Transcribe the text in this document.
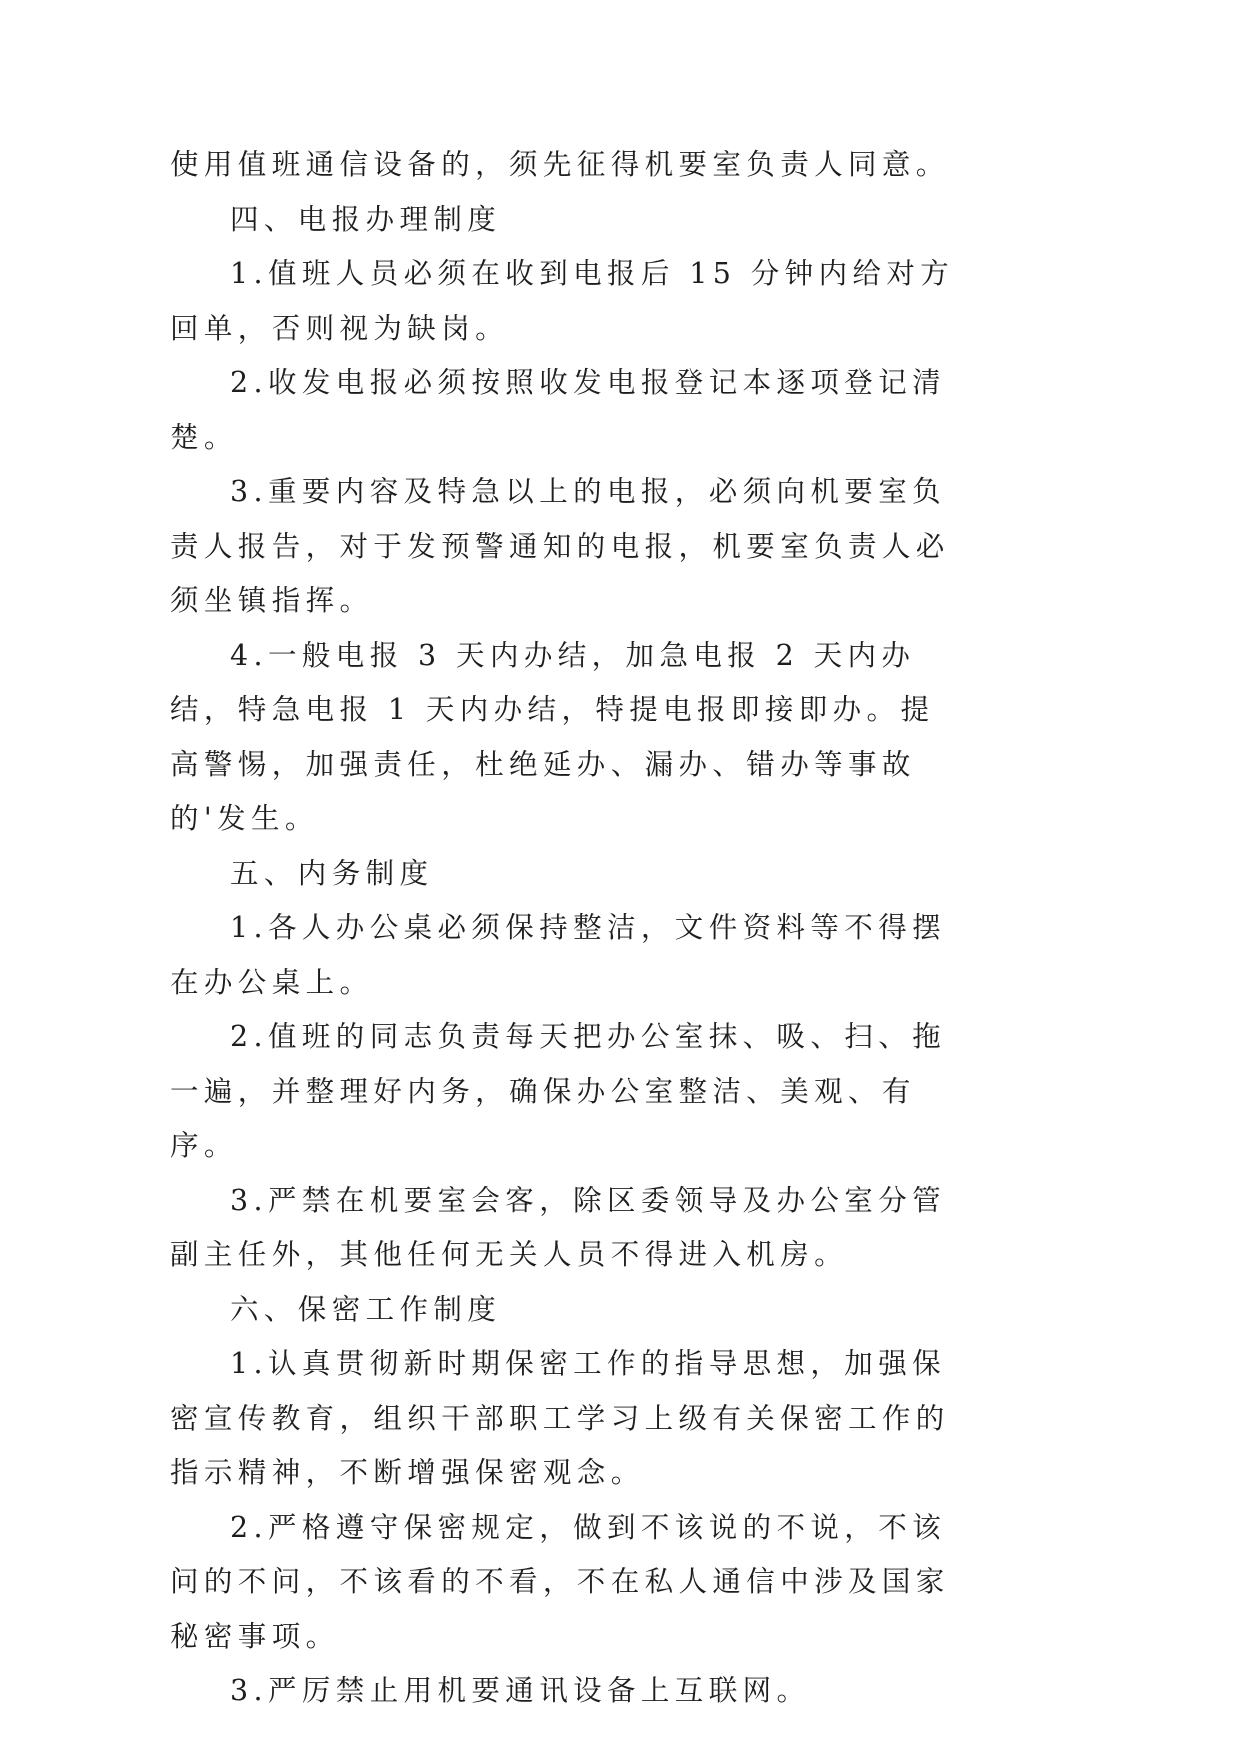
使用值班通信设备的，须先征得机要室负责人同意。

四、电报办理制度

1.值班人员必须在收到电报后 15 分钟内给对方回单，否则视为缺岗。

2.收发电报必须按照收发电报登记本逐项登记清楚。

3.重要内容及特急以上的电报，必须向机要室负责人报告，对于发预警通知的电报，机要室负责人必须坐镇指挥。

4.一般电报 3 天内办结，加急电报 2 天内办结，特急电报 1 天内办结，特提电报即接即办。提高警惕，加强责任，杜绝延办、漏办、错办等事故的'发生。

五、内务制度

1.各人办公桌必须保持整洁，文件资料等不得摆在办公桌上。

2.值班的同志负责每天把办公室抹、吸、扫、拖一遍，并整理好内务，确保办公室整洁、美观、有序。

3.严禁在机要室会客，除区委领导及办公室分管副主任外，其他任何无关人员不得进入机房。

六、保密工作制度

1.认真贯彻新时期保密工作的指导思想，加强保密宣传教育，组织干部职工学习上级有关保密工作的指示精神，不断增强保密观念。

2.严格遵守保密规定，做到不该说的不说，不该问的不问，不该看的不看，不在私人通信中涉及国家秘密事项。

3.严厉禁止用机要通讯设备上互联网。
